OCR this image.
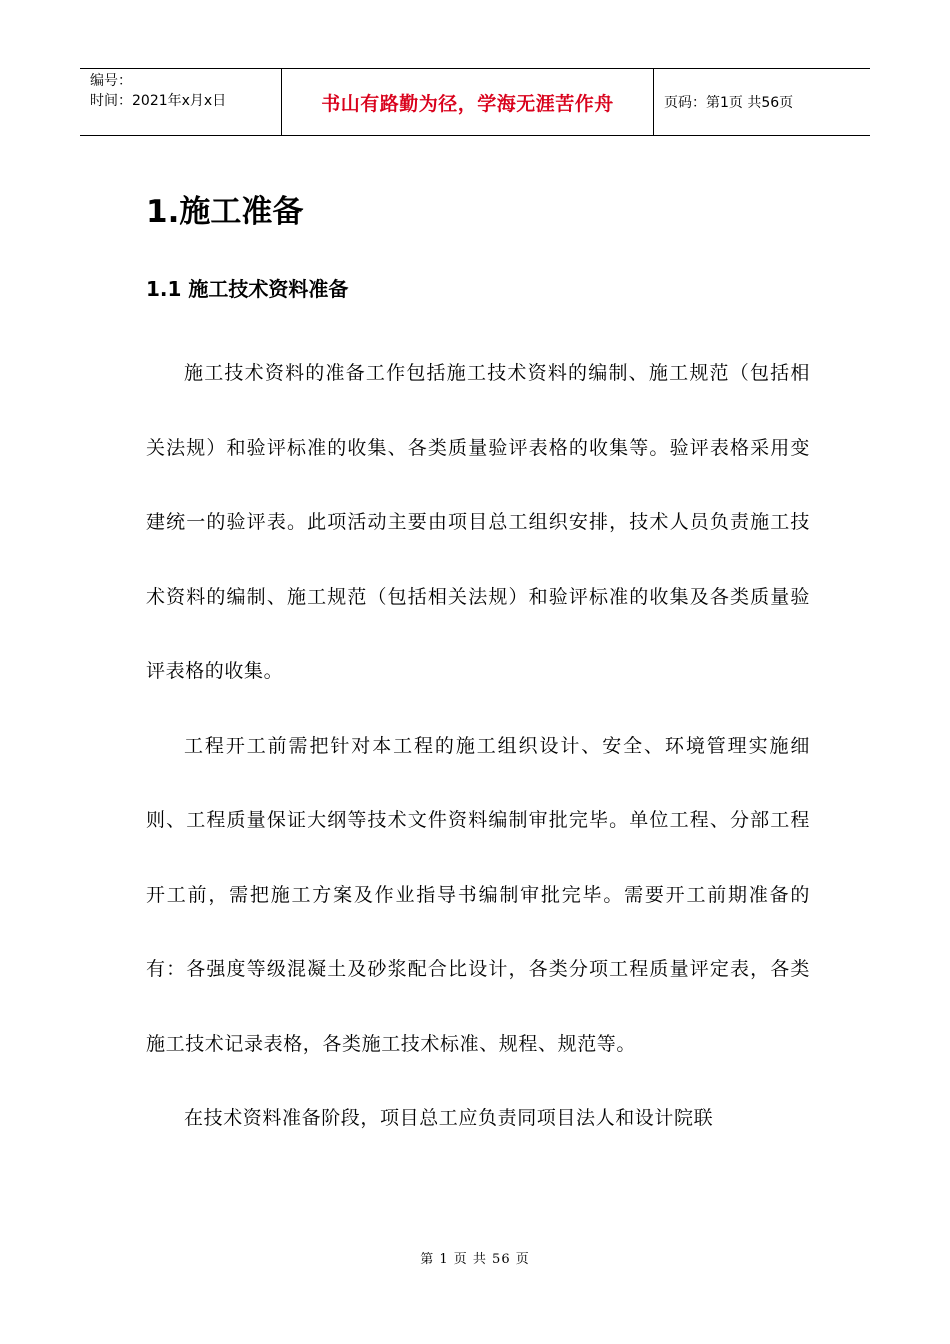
编号：
时间：2021年x月x日	书山有路勤为径，学海无涯苦作舟	页码：第1页 共56页
1.施工准备
1.1 施工技术资料准备

施工技术资料的准备工作包括施工技术资料的编制、施工规范（包括相关法规）和验评标准的收集、各类质量验评表格的收集等。验评表格采用变建统一的验评表。此项活动主要由项目总工组织安排，技术人员负责施工技术资料的编制、施工规范（包括相关法规）和验评标准的收集及各类质量验评表格的收集。

工程开工前需把针对本工程的施工组织设计、安全、环境管理实施细则、工程质量保证大纲等技术文件资料编制审批完毕。单位工程、分部工程开工前，需把施工方案及作业指导书编制审批完毕。需要开工前期准备的有：各强度等级混凝土及砂浆配合比设计，各类分项工程质量评定表，各类施工技术记录表格，各类施工技术标准、规程、规范等。

在技术资料准备阶段，项目总工应负责同项目法人和设计院联

第 1 页 共 56 页
